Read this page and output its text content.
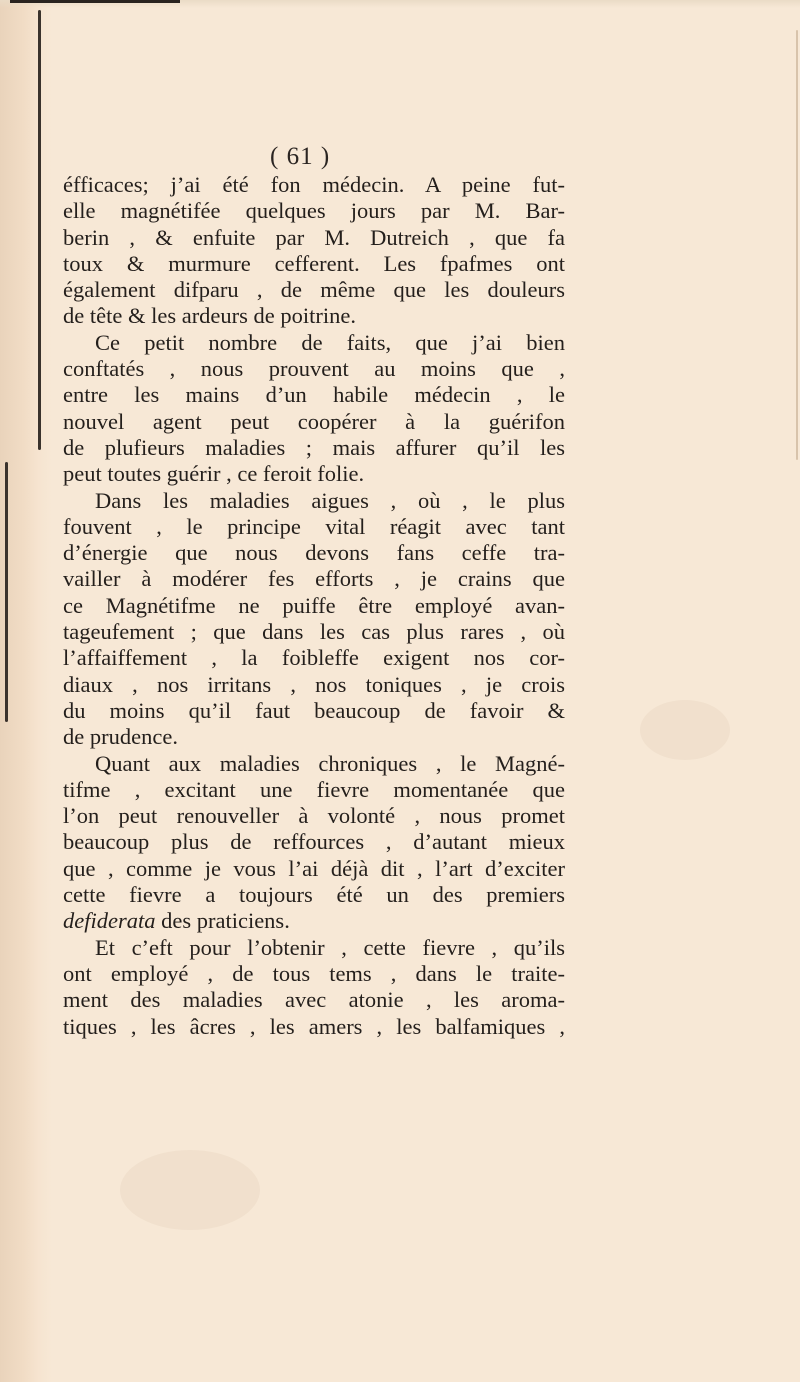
( 61 )
éfficaces; j’ai été fon médecin. A peine fut-
elle magnétifée quelques jours par M. Bar-
berin , & enfuite par M. Dutreich , que fa
toux & murmure cefferent. Les fpafmes ont
également difparu , de même que les douleurs
de tête & les ardeurs de poitrine.
Ce petit nombre de faits, que j’ai bien
conftatés , nous prouvent au moins que ,
entre les mains d’un habile médecin , le
nouvel agent peut coopérer à la guérifon
de plufieurs maladies ; mais affurer qu’il les
peut toutes guérir , ce feroit folie.
Dans les maladies aigues , où , le plus
fouvent , le principe vital réagit avec tant
d’énergie que nous devons fans ceffe tra-
vailler à modérer fes efforts , je crains que
ce Magnétifme ne puiffe être employé avan-
tageufement ; que dans les cas plus rares , où
l’affaiffement , la foibleffe exigent nos cor-
diaux , nos irritans , nos toniques , je crois
du moins qu’il faut beaucoup de favoir &
de prudence.
Quant aux maladies chroniques , le Magné-
tifme , excitant une fievre momentanée que
l’on peut renouveller à volonté , nous promet
beaucoup plus de reffources , d’autant mieux
que , comme je vous l’ai déjà dit , l’art d’exciter
cette fievre a toujours été un des premiers
defiderata des praticiens.
Et c’eft pour l’obtenir , cette fievre , qu’ils
ont employé , de tous tems , dans le traite-
ment des maladies avec atonie , les aroma-
tiques , les âcres , les amers , les balfamiques ,
